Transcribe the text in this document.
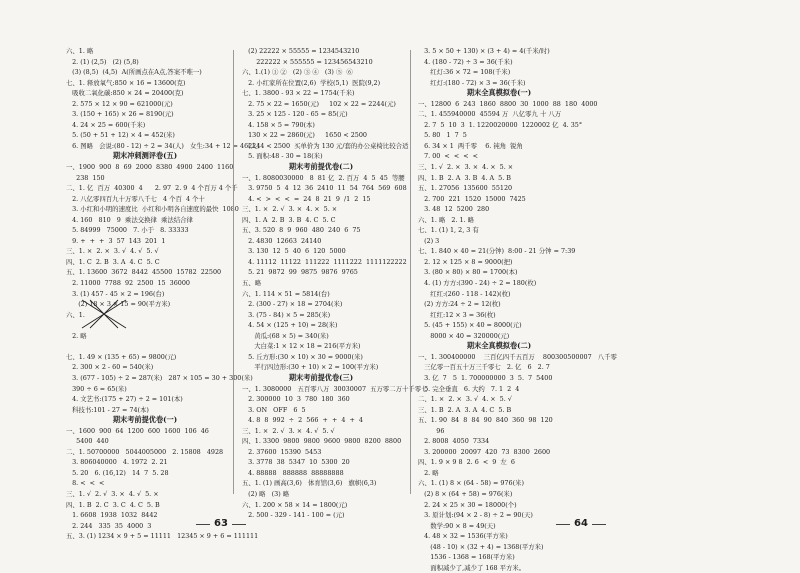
六、1. 略
2. (1) (2,5)   (2) (5,8)
(3) (8,5)  (4,5)  A(所画点在A点,答案不唯一)
七、1. 释放氧气:850 × 16 = 13600(克)
吸收二氧化碳:850 × 24 = 20400(克)
2. 575 × 12 × 90 = 621000(元)
3. (150 + 165) × 26 = 8190(元)
4. 24 × 25 = 600(千米)
5. (50 + 51 + 12) × 4 = 452(米)
6. 图略   会说:(80 - 12) ÷ 2 = 34(人)   女生:34 + 12 = 46(人)
期末冲刺测评卷(五)
一、1900  900  8  69  2000  8380  4900  2400  1160
238  150
二、1. 亿  百万  40300  4      2. 97  2. 9  4 个百万 4 个千
2. 八亿零四百九十万零八千七   4 个百  4 个十
3. 小红和小明的速度比  小红和小明各自速度的最快  1080
4. 160   810   9  乘法交换律  乘法结合律
5. 84999   75000   7. 小于   8. 33333
9. +  +  +  3  57  143  201  1
三、1. ×  2. ×  3. √  4. √  5. √
四、1. C  2. B  3. A  4. C  5. C
五、1. 13600  3672  8442  45500  15782  22500
2. 11000  7788  92  2500  15  36000
3. (1) 457 - 45 × 2 = 196(台)
(2) 18 × 3 × 15 = 90(平方米)
六、1.
2. 略
七、1. 49 × (135 + 65) = 9800(元)
2. 300 × 2 - 60 = 540(米)
3. (677 - 105) ÷ 2 = 287(米)   287 × 105 = 30 + 300(米)
390 ÷ 6 = 65(米)
4. 文艺书:(175 + 27) ÷ 2 = 101(本)
科技书:101 - 27 = 74(本)
期末考前提优卷(一)
一、1600  900  64  1200  600  1600  106  46
5400  440
二、1. 50700000   5044005000   2. 15808   4928
3. 806040000   4. 1972  2. 21
5. 20   6. (16,12)   14  7  5. 28
8. <  <  <
三、1. √  2. √  3. ×  4. √  5. ×
四、1. B  2. C  3. C  4. C  5. B
1. 6608  1938  1032  8442
2. 244   335  35  4000  3
五、3. (1) 1234 × 9 + 5 = 11111   12345 × 9 + 6 = 111111
(2) 22222 × 55555 = 1234543210
222222 × 555555 = 123456543210
六、1.(1) ① ②   (2) ③ ④   (3) ⑤  ⑥
2. 小红家所在位置(2,6)  学校(5,1)  医院(9,2)
七、1. 3800 - 93 × 22 = 1754(千米)
2. 75 × 22 = 1650(元)     102 × 22 = 2244(元)
3. 25 × 125 - 120 - 65 = 85(元)
4. 158 × 5 = 790(本)
130 × 22 = 2860(元)     1650 < 2500
2244 < 2500  买单价为 130 元/套的办公桌椅比较合适
5. 面积:48 - 30 = 18(米)
期末考前提优卷(二)
一、1. 8080030000   8  81 亿  2. 百万  4  5  45  等腰
3. 9750  5  4  12  36  2410  11  54  764  569  608
4. <  >  <  <  =  24  8  21  9  /1  2  15
三、1. ×  2. √  3. ×  4. ×  5. ×
四、1. A  2. B  3. B  4. C  5. C
五、3. 520  8  9  960  480  240  6  75
2. 4830  12663  24140
3. 130  12  5  40  6  120  5000
4. 11112  11122  111222  1111222  1111122222
5. 21  9872  99  9875  9876  9765
五、略
六、1. 114 × 51 = 5814(台)
2. (300 - 27) × 18 = 2704(米)
3. (75 - 84) × 5 = 285(米)
4. 54 × (125 + 10) = 28(米)
黄瓜:(68 × 5) = 340(米)
大白菜:1 × 12 × 18 = 216(平方米)
5. 丘方形:(30 × 10) × 30 = 9000(米)
平行四边形:(30 + 10) × 2 = 100(平方米)
期末考前提优卷(三)
一、1. 3080000   五百零八万  30030007  五万零二万十千零七
2. 300000  10  3  780  180  360
3. ON   OFF   6  5
4. 8  8  992  ÷  2  566  +  +  4  +  4
三、1. ×  2. √  3. ×  4. √  5. √
四、1. 3300  9800  9800  9600  9800  8200  8800
2. 37600  15390  5453
3. 3778  38  5347  10  5300  20
4. 88888   888888  88888888
五、1. (1) 画高(3,6)   体育馆(3,6)   旗帜(6,3)
(2) 略   (3) 略
六、1. 200 × 58 × 14 = 1800(元)
2. 500 - 329 - 141 - 100 = (元)
3. 5 × 50 + 130) × (3 + 4) = 4(千米/时)
4. (180 - 72) ÷ 3 = 36(千米)
红灯:36 × 72 = 108(千米)
红灯:(180 - 72) × 3 = 36(千米)
期末全真模拟卷(一)
一、12800  6  243  1860  8800  30  1000  88  180  4000
二、1. 455940000  45594 万  八亿零九 十 八万
2. 7  5  10  3  1. 1220020000  1220002 亿  4. 35°
5. 80   1  7  5
6. 34 × 1  两千零    6. 钝角  锐角
7. 00  <  <  <  <
三、1. √  2. ×  3. ×  4. ×  5. ×
四、1. B  2. A  3. B  4. A  5. B
五、1. 27056  135600  55120
2. 700  221  1520  15000  7425
3. 48  12  5200  280
六、1. 略   2. 1. 略
七、1. (1) 1, 2, 3 有
(2) 3
七、1. 840 × 40 = 21(分钟)  8:00 - 21 分钟 = 7:39
2. 12 × 125 × 8 = 9000(把)
3. (80 × 80) × 80 = 1700(本)
4. (1) 方方:(390 - 24) ÷ 2 = 180(枚)
红红:(260 - 118 - 142)(枚)
(2) 方方:24 ÷ 2 = 12(枚)
红红:12 × 3 = 36(枚)
5. (45 + 155) × 40 = 8000(元)
8000 × 40 = 320000(元)
期末全真模拟卷(二)
一、1. 300400000    三百亿四千五百万    800300500007   八千零
三亿零一百五十万三千零七   2. 亿   6   2. 7
3. 亿  7   5  1. 700000000  3  5.  7  5400
5. 完全垂直   6. 大约   7. 1  2  4
二、1. ×  2. ×  3. √  4. ×  5. √
三、1. B  2. A  3. A  4. C  5. B
五、1. 90  84  8  84  90  840  360  98  120
96
2. 8008  4050  7334
3. 200000  20097  420  73  8300  2600
四、1. 9 × 9 8  2. 6  <  9  左  6
2. 略
六、1. (1) 8 × (64 - 58) = 976(米)
(2) 8 × (64 + 58) = 976(米)
2. 24 × 25 × 30 = 18000(个)
3. 原计划:(94 × 2 - 8) ÷ 2 = 90(天)
数学:90 × 8 = 49(天)
4. 48 × 32 = 1536(平方米)
(48 - 10) × (32 + 4) = 1368(平方米)
1536 - 1368 = 168(平方米)
面积减少了,减少了 168 平方米。
63	64
